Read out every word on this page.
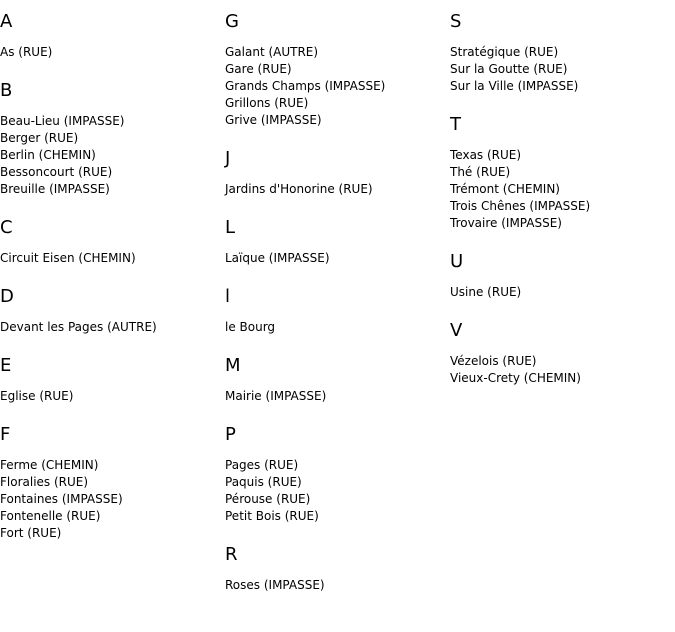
A
As (RUE)
B
Beau-Lieu (IMPASSE)
Berger (RUE)
Berlin (CHEMIN)
Bessoncourt (RUE)
Breuille (IMPASSE)
C
Circuit Eisen (CHEMIN)
D
Devant les Pages (AUTRE)
E
Eglise (RUE)
F
Ferme (CHEMIN)
Floralies (RUE)
Fontaines (IMPASSE)
Fontenelle (RUE)
Fort (RUE)
G
Galant (AUTRE)
Gare (RUE)
Grands Champs (IMPASSE)
Grillons (RUE)
Grive (IMPASSE)
J
Jardins d'Honorine (RUE)
L
Laïque (IMPASSE)
l
le Bourg
M
Mairie (IMPASSE)
P
Pages (RUE)
Paquis (RUE)
Pérouse (RUE)
Petit Bois (RUE)
R
Roses (IMPASSE)
S
Stratégique (RUE)
Sur la Goutte (RUE)
Sur la Ville (IMPASSE)
T
Texas (RUE)
Thé (RUE)
Trémont (CHEMIN)
Trois Chênes (IMPASSE)
Trovaire (IMPASSE)
U
Usine (RUE)
V
Vézelois (RUE)
Vieux-Crety (CHEMIN)
